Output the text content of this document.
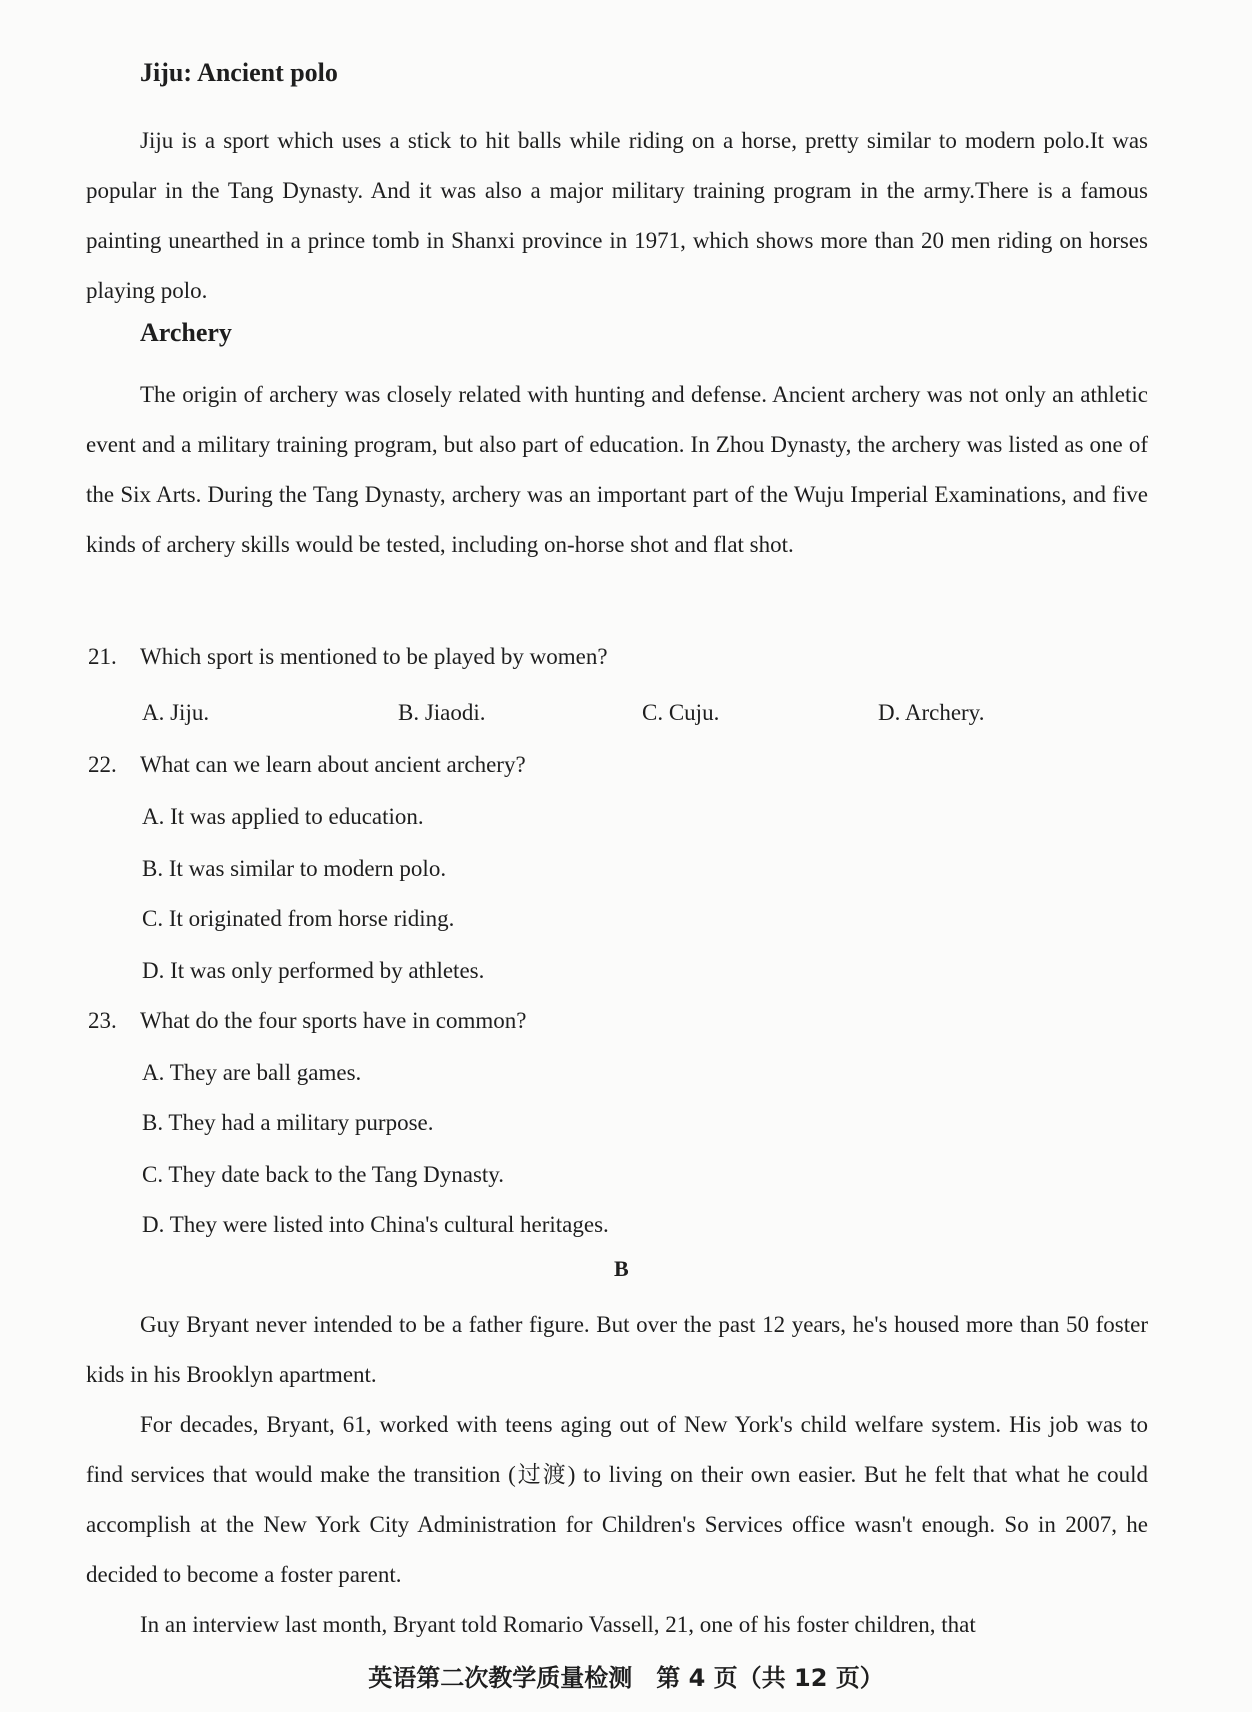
Jiju: Ancient polo

Jiju is a sport which uses a stick to hit balls while riding on a horse, pretty similar to modern polo.It was popular in the Tang Dynasty. And it was also a major military training program in the army.There is a famous painting unearthed in a prince tomb in Shanxi province in 1971, which shows more than 20 men riding on horses playing polo.

Archery

The origin of archery was closely related with hunting and defense. Ancient archery was not only an athletic event and a military training program, but also part of education. In Zhou Dynasty, the archery was listed as one of the Six Arts. During the Tang Dynasty, archery was an important part of the Wuju Imperial Examinations, and five kinds of archery skills would be tested, including on-horse shot and flat shot.

21. Which sport is mentioned to be played by women?
A. Jiju.	B. Jiaodi.	C. Cuju.	D. Archery.
22. What can we learn about ancient archery?
A. It was applied to education.
B. It was similar to modern polo.
C. It originated from horse riding.
D. It was only performed by athletes.
23. What do the four sports have in common?
A. They are ball games.
B. They had a military purpose.
C. They date back to the Tang Dynasty.
D. They were listed into China's cultural heritages.
B

Guy Bryant never intended to be a father figure. But over the past 12 years, he's housed more than 50 foster kids in his Brooklyn apartment.

For decades, Bryant, 61, worked with teens aging out of New York's child welfare system. His job was to find services that would make the transition (过渡) to living on their own easier. But he felt that what he could accomplish at the New York City Administration for Children's Services office wasn't enough. So in 2007, he decided to become a foster parent.

In an interview last month, Bryant told Romario Vassell, 21, one of his foster children, that

英语第二次教学质量检测　第 4 页（共 12 页）
